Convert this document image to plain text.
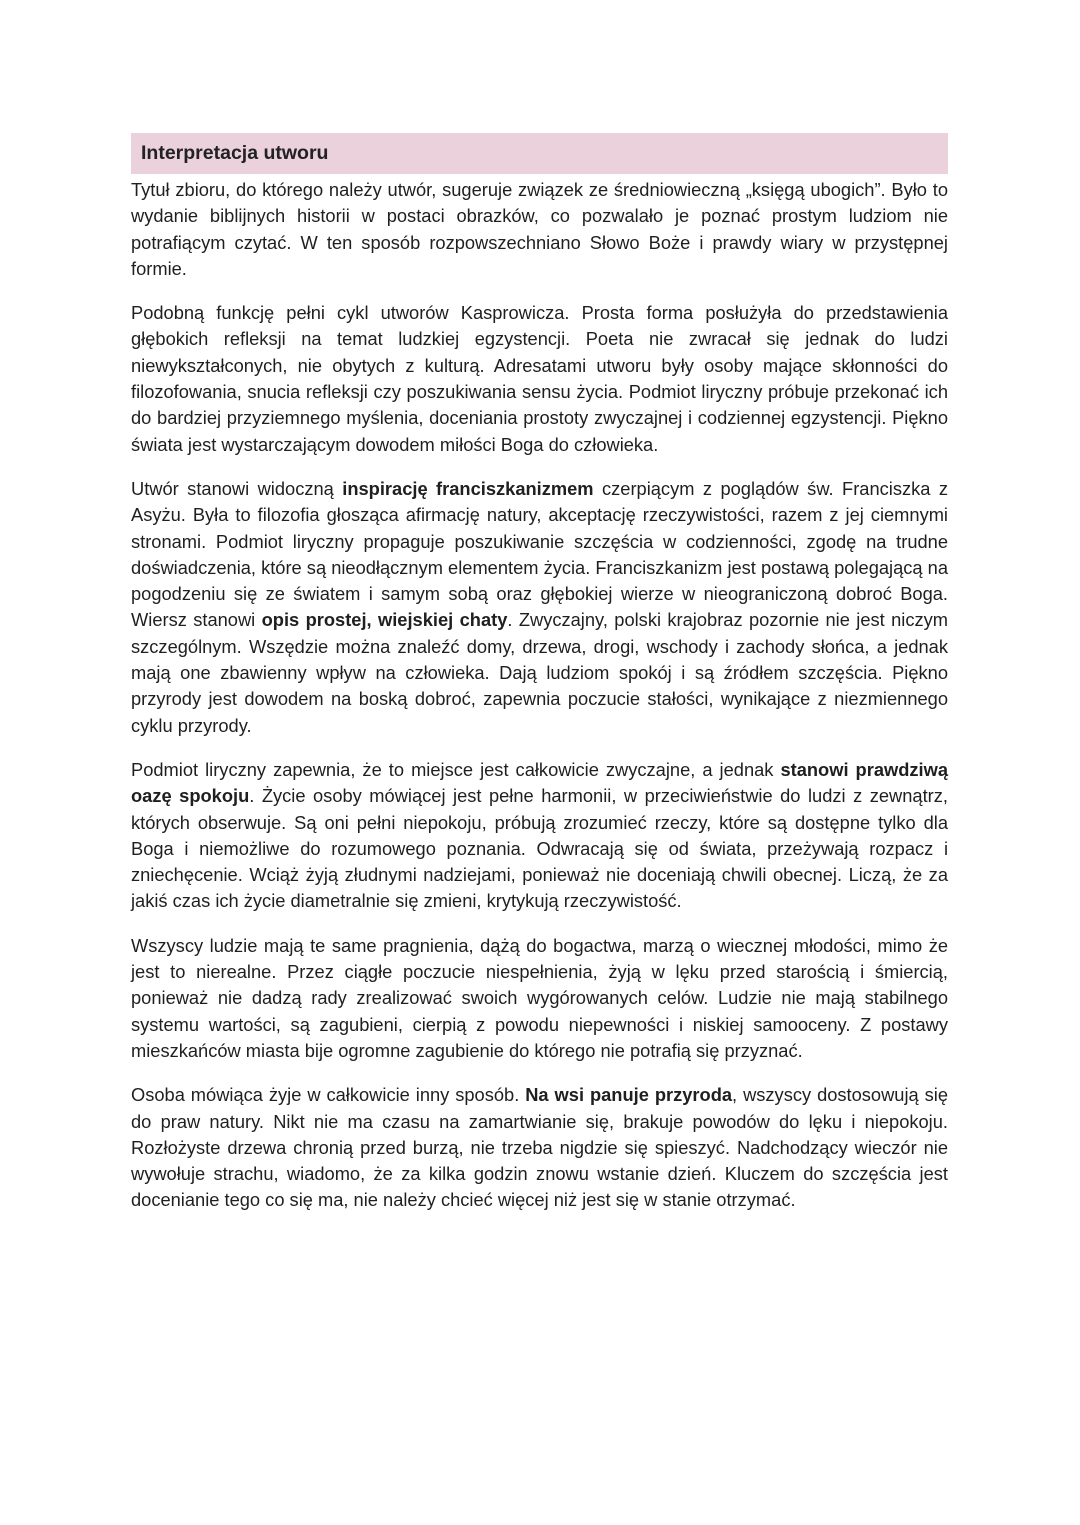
Interpretacja utworu

Tytuł zbioru, do którego należy utwór, sugeruje związek ze średniowieczną „księgą ubogich”. Było to wydanie biblijnych historii w postaci obrazków, co pozwalało je poznać prostym ludziom nie potrafiącym czytać. W ten sposób rozpowszechniano Słowo Boże i prawdy wiary w przystępnej formie.

Podobną funkcję pełni cykl utworów Kasprowicza. Prosta forma posłużyła do przedstawienia głębokich refleksji na temat ludzkiej egzystencji. Poeta nie zwracał się jednak do ludzi niewykształconych, nie obytych z kulturą. Adresatami utworu były osoby mające skłonności do filozofowania, snucia refleksji czy poszukiwania sensu życia. Podmiot liryczny próbuje przekonać ich do bardziej przyziemnego myślenia, doceniania prostoty zwyczajnej i codziennej egzystencji. Piękno świata jest wystarczającym dowodem miłości Boga do człowieka.

Utwór stanowi widoczną inspirację franciszkanizmem czerpiącym z poglądów św. Franciszka z Asyżu. Była to filozofia głosząca afirmację natury, akceptację rzeczywistości, razem z jej ciemnymi stronami. Podmiot liryczny propaguje poszukiwanie szczęścia w codzienności, zgodę na trudne doświadczenia, które są nieodłącznym elementem życia. Franciszkanizm jest postawą polegającą na pogodzeniu się ze światem i samym sobą oraz głębokiej wierze w nieograniczoną dobroć Boga. Wiersz stanowi opis prostej, wiejskiej chaty. Zwyczajny, polski krajobraz pozornie nie jest niczym szczególnym. Wszędzie można znaleźć domy, drzewa, drogi, wschody i zachody słońca, a jednak mają one zbawienny wpływ na człowieka. Dają ludziom spokój i są źródłem szczęścia. Piękno przyrody jest dowodem na boską dobroć, zapewnia poczucie stałości, wynikające z niezmiennego cyklu przyrody.

Podmiot liryczny zapewnia, że to miejsce jest całkowicie zwyczajne, a jednak stanowi prawdziwą oazę spokoju. Życie osoby mówiącej jest pełne harmonii, w przeciwieństwie do ludzi z zewnątrz, których obserwuje. Są oni pełni niepokoju, próbują zrozumieć rzeczy, które są dostępne tylko dla Boga i niemożliwe do rozumowego poznania. Odwracają się od świata, przeżywają rozpacz i zniechęcenie. Wciąż żyją złudnymi nadziejami, ponieważ nie doceniają chwili obecnej. Liczą, że za jakiś czas ich życie diametralnie się zmieni, krytykują rzeczywistość.

Wszyscy ludzie mają te same pragnienia, dążą do bogactwa, marzą o wiecznej młodości, mimo że jest to nierealne. Przez ciągłe poczucie niespełnienia, żyją w lęku przed starością i śmiercią, ponieważ nie dadzą rady zrealizować swoich wygórowanych celów. Ludzie nie mają stabilnego systemu wartości, są zagubieni, cierpią z powodu niepewności i niskiej samooceny. Z postawy mieszkańców miasta bije ogromne zagubienie do którego nie potrafią się przyznać.

Osoba mówiąca żyje w całkowicie inny sposób. Na wsi panuje przyroda, wszyscy dostosowują się do praw natury. Nikt nie ma czasu na zamartwianie się, brakuje powodów do lęku i niepokoju. Rozłożyste drzewa chronią przed burzą, nie trzeba nigdzie się spieszyć. Nadchodzący wieczór nie wywołuje strachu, wiadomo, że za kilka godzin znowu wstanie dzień. Kluczem do szczęścia jest docenianie tego co się ma, nie należy chcieć więcej niż jest się w stanie otrzymać.
